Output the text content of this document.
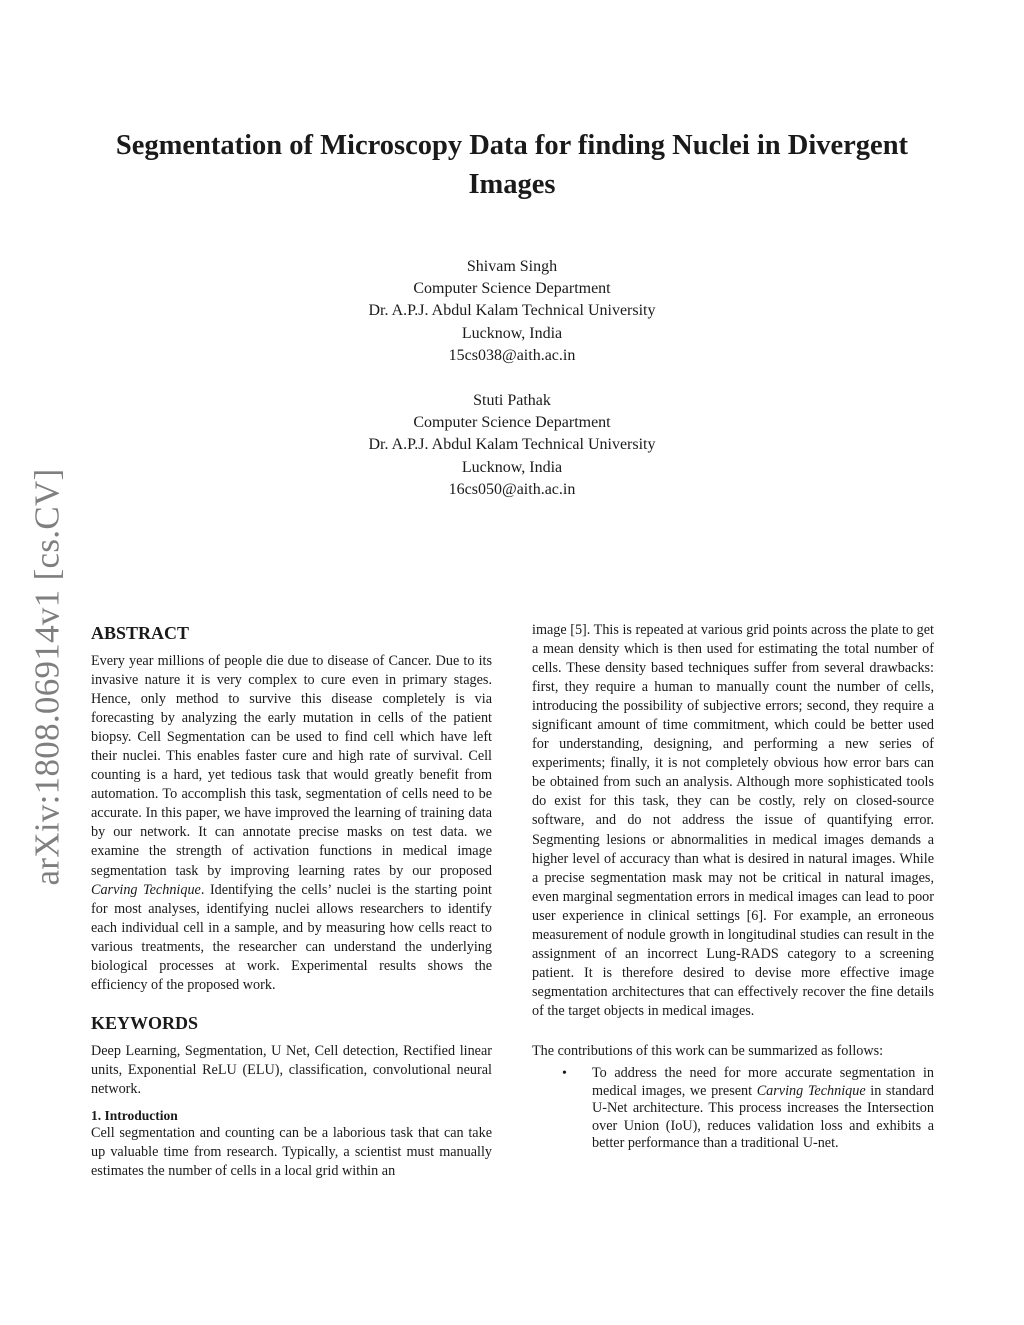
arXiv:1808.06914v1 [cs.CV]
Segmentation of Microscopy Data for finding Nuclei in Divergent Images
Shivam Singh
Computer Science Department
Dr. A.P.J. Abdul Kalam Technical University
Lucknow, India
15cs038@aith.ac.in
Stuti Pathak
Computer Science Department
Dr. A.P.J. Abdul Kalam Technical University
Lucknow, India
16cs050@aith.ac.in
ABSTRACT

Every year millions of people die due to disease of Cancer. Due to its invasive nature it is very complex to cure even in primary stages. Hence, only method to survive this disease completely is via forecasting by analyzing the early mutation in cells of the patient biopsy. Cell Segmentation can be used to find cell which have left their nuclei. This enables faster cure and high rate of survival. Cell counting is a hard, yet tedious task that would greatly benefit from automation. To accomplish this task, segmentation of cells need to be accurate. In this paper, we have improved the learning of training data by our network. It can annotate precise masks on test data. we examine the strength of activation functions in medical image segmentation task by improving learning rates by our proposed Carving Technique. Identifying the cells’ nuclei is the starting point for most analyses, identifying nuclei allows researchers to identify each individual cell in a sample, and by measuring how cells react to various treatments, the researcher can understand the underlying biological processes at work. Experimental results shows the efficiency of the proposed work.

KEYWORDS

Deep Learning, Segmentation, U Net, Cell detection, Rectified linear units, Exponential ReLU (ELU), classification, convolutional neural network.

1. Introduction

Cell segmentation and counting can be a laborious task that can take up valuable time from research. Typically, a scientist must manually estimates the number of cells in a local grid within an

image [5]. This is repeated at various grid points across the plate to get a mean density which is then used for estimating the total number of cells. These density based techniques suffer from several drawbacks: first, they require a human to manually count the number of cells, introducing the possibility of subjective errors; second, they require a significant amount of time commitment, which could be better used for understanding, designing, and performing a new series of experiments; finally, it is not completely obvious how error bars can be obtained from such an analysis. Although more sophisticated tools do exist for this task, they can be costly, rely on closed-source software, and do not address the issue of quantifying error. Segmenting lesions or abnormalities in medical images demands a higher level of accuracy than what is desired in natural images. While a precise segmentation mask may not be critical in natural images, even marginal segmentation errors in medical images can lead to poor user experience in clinical settings [6]. For example, an erroneous measurement of nodule growth in longitudinal studies can result in the assignment of an incorrect Lung-RADS category to a screening patient. It is therefore desired to devise more effective image segmentation architectures that can effectively recover the fine details of the target objects in medical images.

The contributions of this work can be summarized as follows:

• To address the need for more accurate segmentation in medical images, we present Carving Technique in standard U-Net architecture. This process increases the Intersection over Union (IoU), reduces validation loss and exhibits a better performance than a traditional U-net.
